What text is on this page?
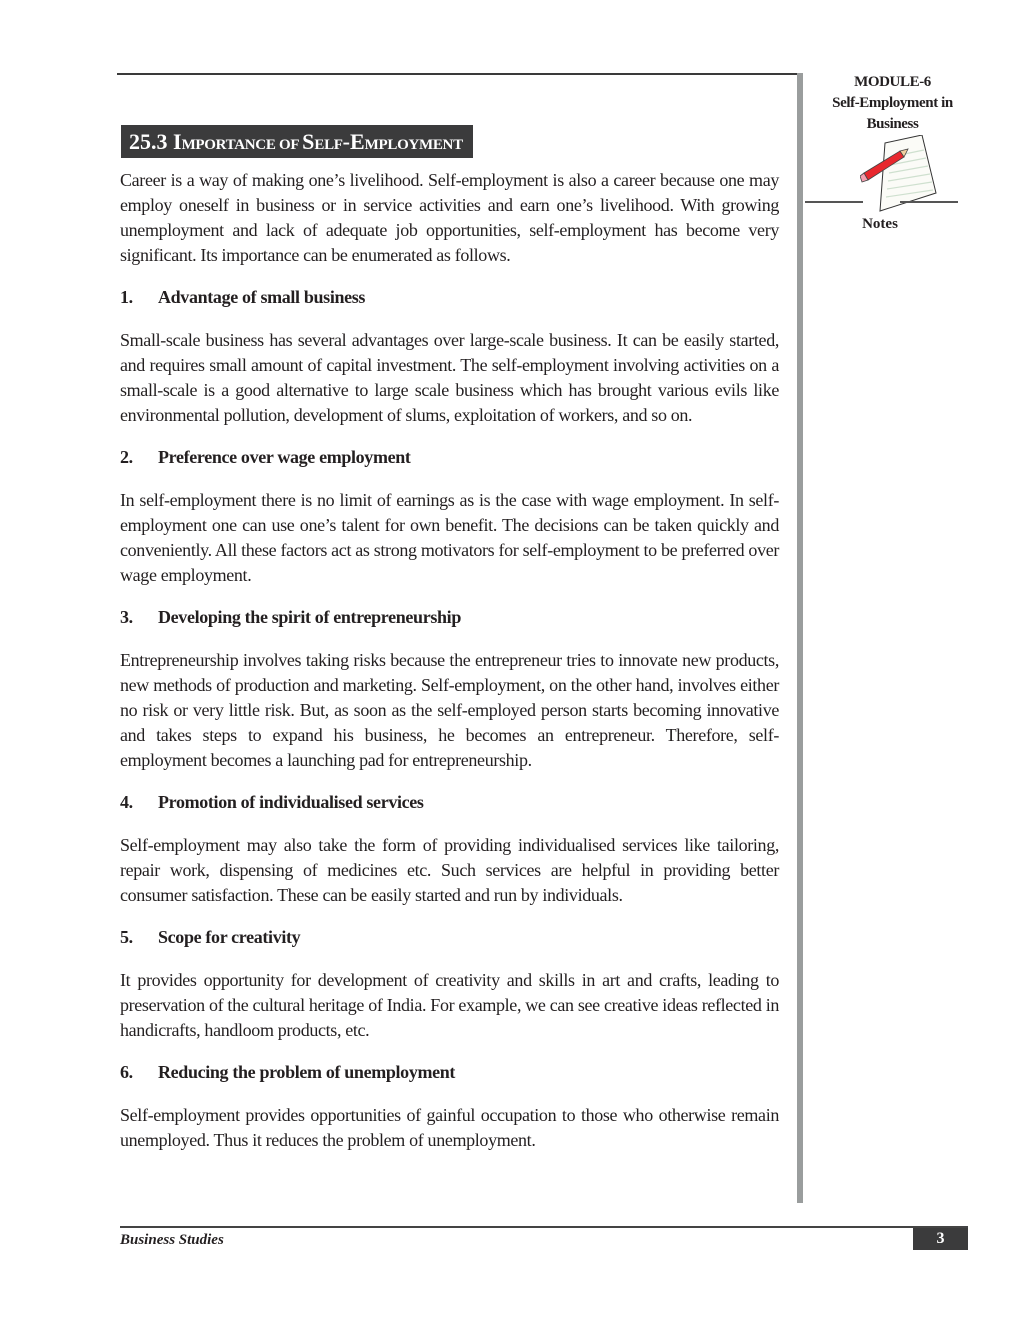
MODULE-6
Self-Employment in
Business
Notes
25.3 IMPORTANCE OF SELF-EMPLOYMENT

Career is a way of making one’s livelihood. Self-employment is also a career because one may employ oneself in business or in service activities and earn one’s livelihood. With growing unemployment and lack of adequate job opportunities, self-employment has become very significant. Its importance can be enumerated as follows.

1. Advantage of small business

Small-scale business has several advantages over large-scale business. It can be easily started, and requires small amount of capital investment. The self-employment involving activities on a small-scale is a good alternative to large scale business which has brought various evils like environmental pollution, development of slums, exploitation of workers, and so on.

2. Preference over wage employment

In self-employment there is no limit of earnings as is the case with wage employment. In self-employment one can use one’s talent for own benefit. The decisions can be taken quickly and conveniently. All these factors act as strong motivators for self-employment to be preferred over wage employment.

3. Developing the spirit of entrepreneurship

Entrepreneurship involves taking risks because the entrepreneur tries to innovate new products, new methods of production and marketing. Self-employment, on the other hand, involves either no risk or very little risk. But, as soon as the self-employed person starts becoming innovative and takes steps to expand his business, he becomes an entrepreneur. Therefore, self-employment becomes a launching pad for entrepreneurship.

4. Promotion of individualised services

Self-employment may also take the form of providing individualised services like tailoring, repair work, dispensing of medicines etc. Such services are helpful in providing better consumer satisfaction. These can be easily started and run by individuals.

5. Scope for creativity

It provides opportunity for development of creativity and skills in art and crafts, leading to preservation of the cultural heritage of India. For example, we can see creative ideas reflected in handicrafts, handloom products, etc.

6. Reducing the problem of unemployment

Self-employment provides opportunities of gainful occupation to those who otherwise remain unemployed. Thus it reduces the problem of unemployment.

Business Studies	3
